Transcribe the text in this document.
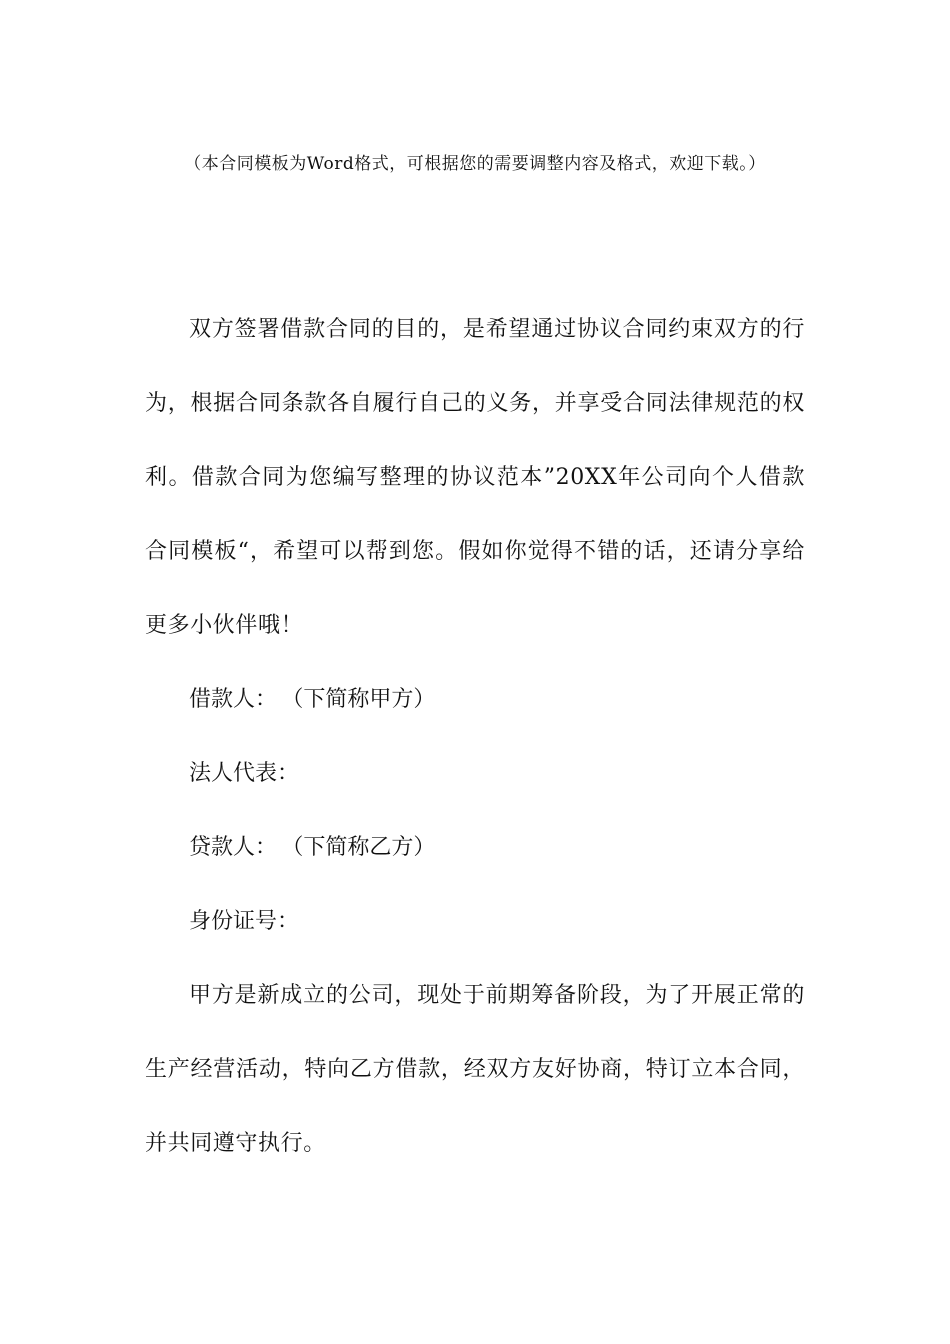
（本合同模板为Word格式，可根据您的需要调整内容及格式，欢迎下载。）

双方签署借款合同的目的，是希望通过协议合同约束双方的行为，根据合同条款各自履行自己的义务，并享受合同法律规范的权利。借款合同为您编写整理的协议范本”20XX年公司向个人借款合同模板“，希望可以帮到您。假如你觉得不错的话，还请分享给更多小伙伴哦！

借款人： （下简称甲方）

法人代表：

贷款人： （下简称乙方）

身份证号：

甲方是新成立的公司，现处于前期筹备阶段，为了开展正常的生产经营活动，特向乙方借款，经双方友好协商，特订立本合同，并共同遵守执行。
